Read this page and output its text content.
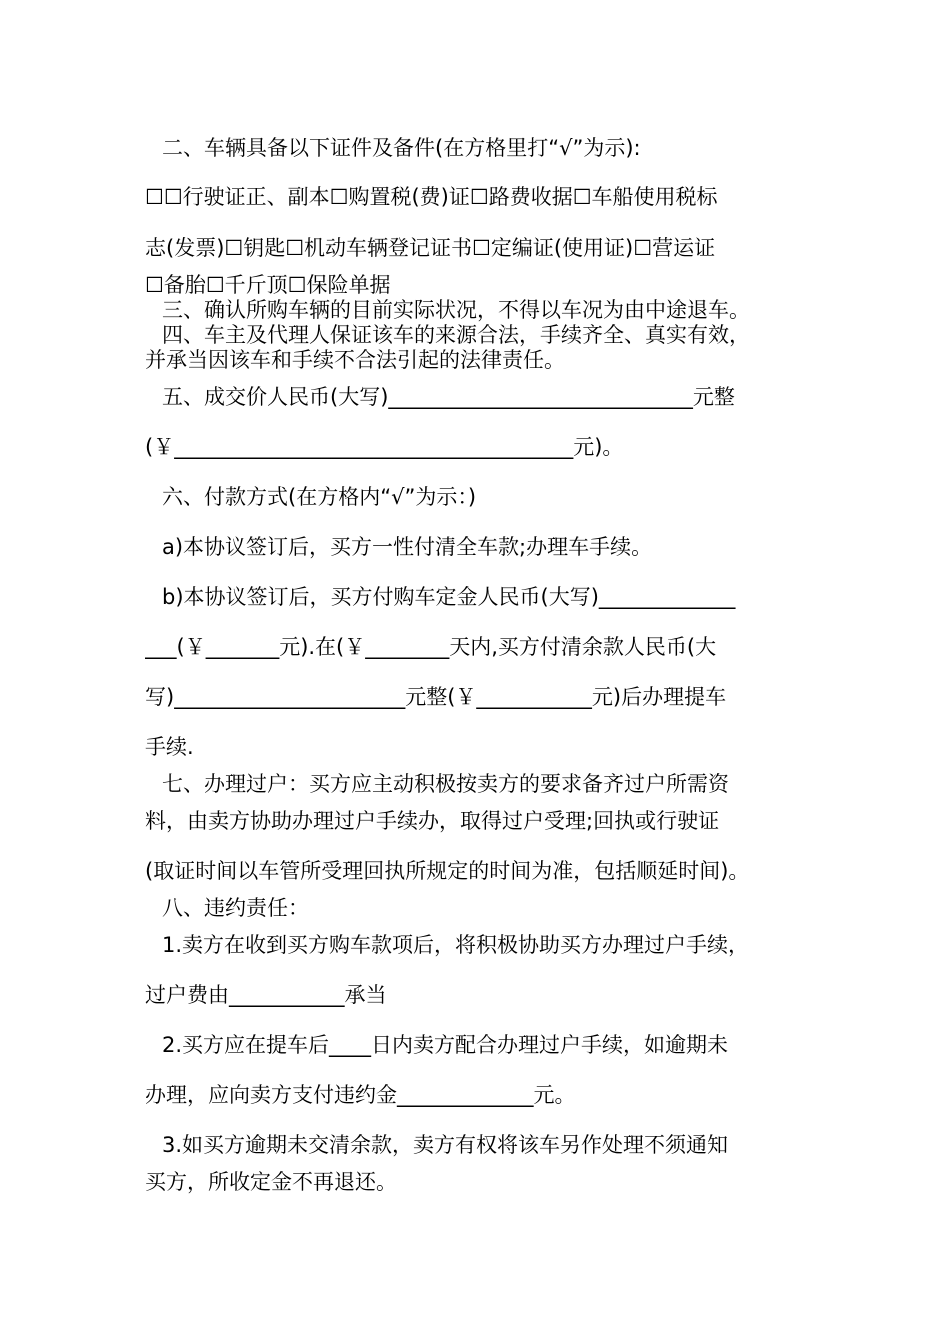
二、车辆具备以下证件及备件(在方格里打“√”为示):
☐☐行驶证正、副本☐购置税(费)证☐路费收据☐车船使用税标
志(发票)☐钥匙☐机动车辆登记证书☐定编证(使用证)☐营运证
☐备胎☐千斤顶☐保险单据
三、确认所购车辆的目前实际状况，不得以车况为由中途退车。
四、车主及代理人保证该车的来源合法，手续齐全、真实有效，
并承当因该车和手续不合法引起的法律责任。
五、成交价人民币(大写)_____________________________元整
(￥______________________________________元)。
六、付款方式(在方格内“√”为示：)
a)本协议签订后，买方一性付清全车款;办理车手续。
b)本协议签订后，买方付购车定金人民币(大写)_____________
___(￥_______元).在(￥________天内,买方付清余款人民币(大
写)______________________元整(￥___________元)后办理提车
手续.
七、办理过户：买方应主动积极按卖方的要求备齐过户所需资
料，由卖方协助办理过户手续办，取得过户受理;回执或行驶证
(取证时间以车管所受理回执所规定的时间为准，包括顺延时间)。
八、违约责任：
1.卖方在收到买方购车款项后，将积极协助买方办理过户手续，
过户费由___________承当
2.买方应在提车后____日内卖方配合办理过户手续，如逾期未
办理，应向卖方支付违约金_____________元。
3.如买方逾期未交清余款，卖方有权将该车另作处理不须通知
买方，所收定金不再退还。
